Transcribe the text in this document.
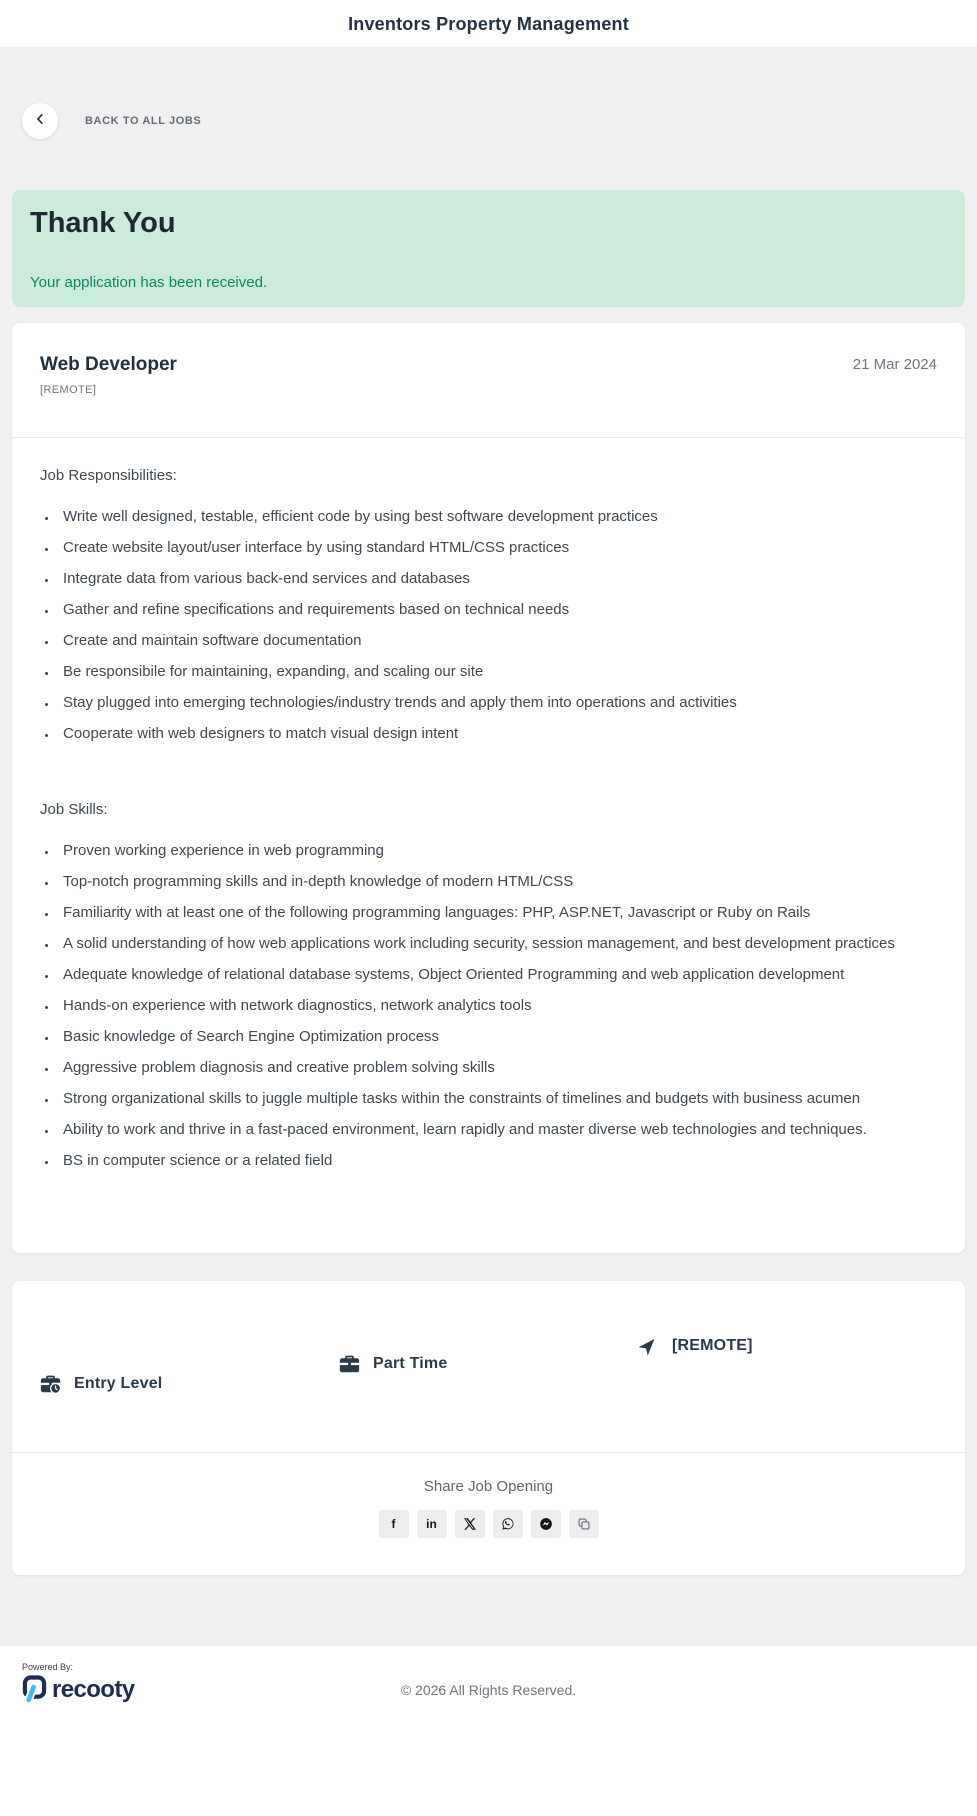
Inventors Property Management
BACK TO ALL JOBS
Thank You

Your application has been received.

Web Developer
[REMOTE]
21 Mar 2024
Job Responsibilities:
• Write well designed, testable, efficient code by using best software development practices
• Create website layout/user interface by using standard HTML/CSS practices
• Integrate data from various back-end services and databases
• Gather and refine specifications and requirements based on technical needs
• Create and maintain software documentation
• Be responsibile for maintaining, expanding, and scaling our site
• Stay plugged into emerging technologies/industry trends and apply them into operations and activities
• Cooperate with web designers to match visual design intent
Job Skills:
• Proven working experience in web programming
• Top-notch programming skills and in-depth knowledge of modern HTML/CSS
• Familiarity with at least one of the following programming languages: PHP, ASP.NET, Javascript or Ruby on Rails
• A solid understanding of how web applications work including security, session management, and best development practices
• Adequate knowledge of relational database systems, Object Oriented Programming and web application development
• Hands-on experience with network diagnostics, network analytics tools
• Basic knowledge of Search Engine Optimization process
• Aggressive problem diagnosis and creative problem solving skills
• Strong organizational skills to juggle multiple tasks within the constraints of timelines and budgets with business acumen
• Ability to work and thrive in a fast-paced environment, learn rapidly and master diverse web technologies and techniques.
• BS in computer science or a related field
Entry Level
Part Time
[REMOTE]
Share Job Opening
f	in
Powered By:
recooty	© 2026 All Rights Reserved.
